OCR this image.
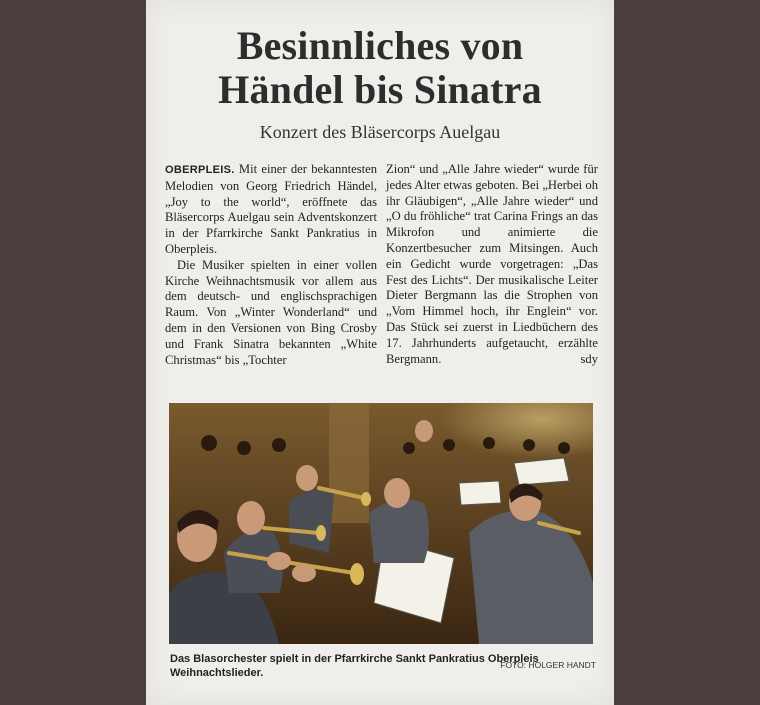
Besinnliches von
Händel bis Sinatra
Konzert des Bläsercorps Auelgau

OBERPLEIS. Mit einer der bekanntesten Melodien von Georg Friedrich Händel, „Joy to the world“, eröffnete das Bläsercorps Auelgau sein Adventskonzert in der Pfarrkirche Sankt Pankratius in Oberpleis.

Die Musiker spielten in einer vollen Kirche Weihnachtsmusik vor allem aus dem deutsch- und englischsprachigen Raum. Von „Winter Wonderland“ und dem in den Versionen von Bing Crosby und Frank Sinatra bekannten „White Christmas“ bis „Tochter

Zion“ und „Alle Jahre wieder“ wurde für jedes Alter etwas geboten. Bei „Herbei oh ihr Gläubigen“, „Alle Jahre wieder“ und „O du fröhliche“ trat Carina Frings an das Mikrofon und animierte die Konzertbesucher zum Mitsingen. Auch ein Gedicht wurde vorgetragen: „Das Fest des Lichts“. Der musikalische Leiter Dieter Bergmann las die Strophen von „Vom Himmel hoch, ihr Englein“ vor. Das Stück sei zuerst in Liedbüchern des 17. Jahrhunderts aufgetaucht, erzählte Bergmann.	sdy

Das Blasorchester spielt in der Pfarrkirche Sankt Pankratius Oberpleis Weihnachtslieder.
FOTO: HOLGER HANDT
